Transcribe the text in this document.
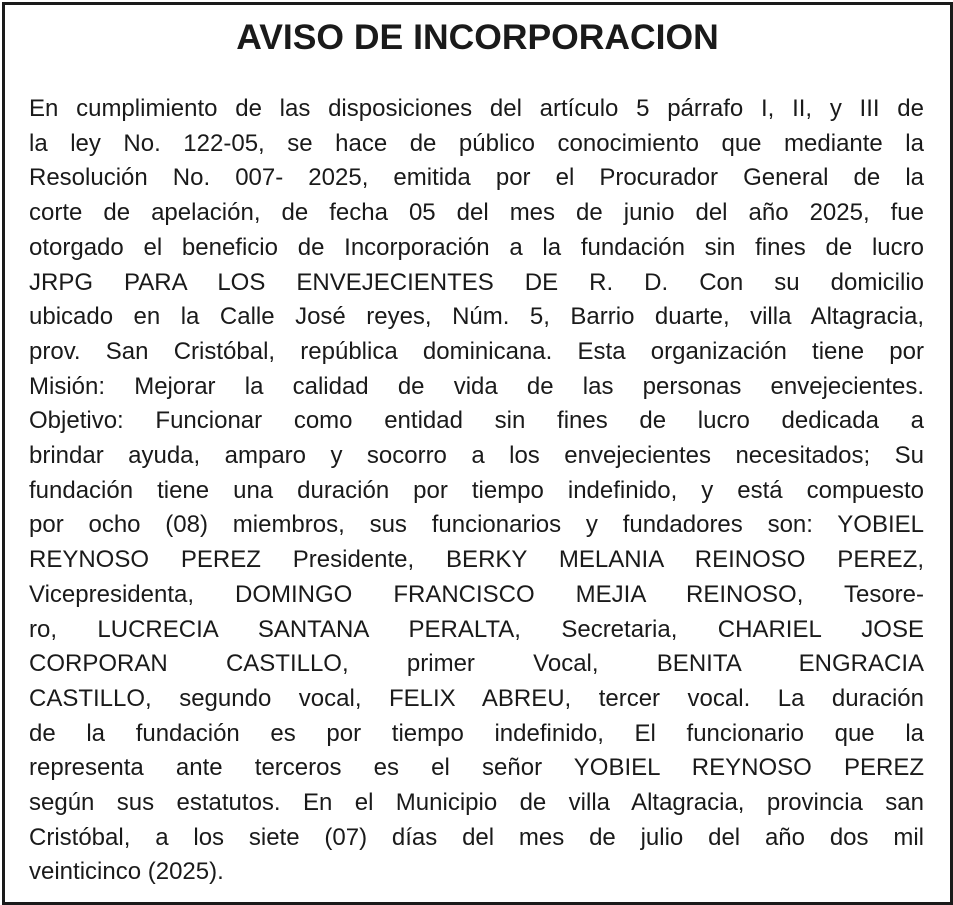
AVISO DE INCORPORACION
En cumplimiento de las disposiciones del artículo 5 párrafo I, II, y III de
la ley No. 122-05, se hace de público conocimiento que mediante la
Resolución No. 007- 2025, emitida por el Procurador General de la
corte de apelación, de fecha 05 del mes de junio del año 2025, fue
otorgado el beneficio de Incorporación a la fundación sin fines de lucro
JRPG PARA LOS ENVEJECIENTES DE R. D. Con su domicilio
ubicado en la Calle José reyes, Núm. 5, Barrio duarte, villa Altagracia,
prov. San Cristóbal, república dominicana. Esta organización tiene por
Misión: Mejorar la calidad de vida de las personas envejecientes.
Objetivo: Funcionar como entidad sin fines de lucro dedicada a
brindar ayuda, amparo y socorro a los envejecientes necesitados; Su
fundación tiene una duración por tiempo indefinido, y está compuesto
por ocho (08) miembros, sus funcionarios y fundadores son: YOBIEL
REYNOSO PEREZ Presidente, BERKY MELANIA REINOSO PEREZ,
Vicepresidenta, DOMINGO FRANCISCO MEJIA REINOSO, Tesore-
ro, LUCRECIA SANTANA PERALTA, Secretaria, CHARIEL JOSE
CORPORAN CASTILLO, primer Vocal, BENITA ENGRACIA
CASTILLO, segundo vocal, FELIX ABREU, tercer vocal. La duración
de la fundación es por tiempo indefinido, El funcionario que la
representa ante terceros es el señor YOBIEL REYNOSO PEREZ
según sus estatutos. En el Municipio de villa Altagracia, provincia san
Cristóbal, a los siete (07) días del mes de julio del año dos mil
veinticinco (2025).
